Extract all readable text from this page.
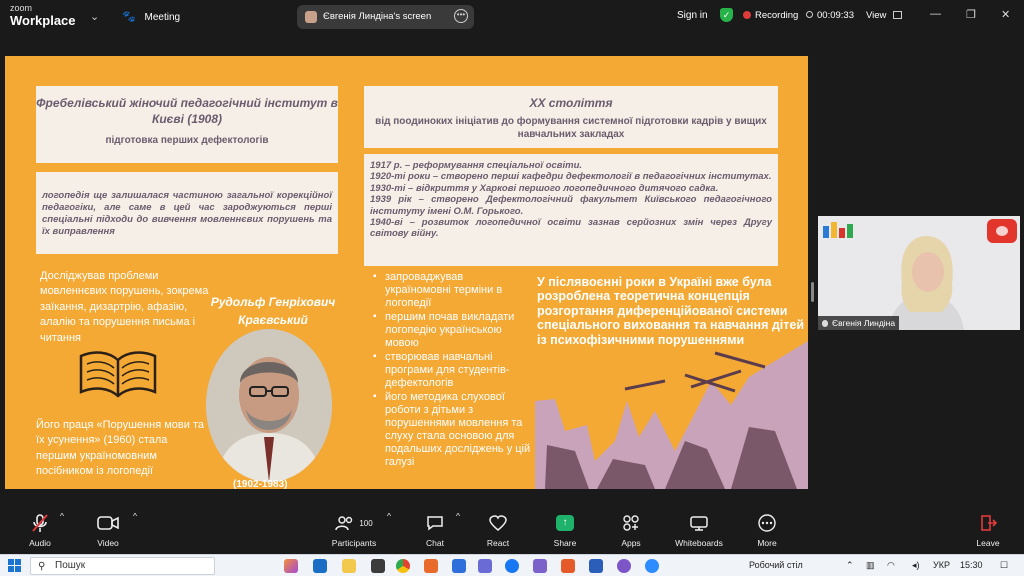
zoom
Workplace ⌄ 🐾 Meeting	Євгенія Линдіна's screen	•••	Sign in	✓	Recording	00:09:33 View	— ❐ ✕
Фребелівський жіночий педагогічний інститут в Києві (1908)
підготовка перших дефектологів
XX століття
від поодиноких ініціатив до формування системної підготовки кадрів у вищих навчальних закладах
логопедія ще залишалася частиною загальної корекційної педагогіки, але саме в цей час зароджуються перші спеціальні підходи до вивчення мовленнєвих порушень та їх виправлення
1917 р. – реформування спеціальної освіти.
1920-ті роки – створено перші кафедри дефектології в педагогічних інститутах.
1930-ті – відкриття у Харкові першого логопедичного дитячого садка.
1939 рік – створено Дефектологічний факультет Київського педагогічного інституту імені О.М. Горького.
1940-ві – розвиток логопедичної освіти зазнав серйозних змін через Другу світову війну.
Досліджував проблеми мовленнєвих порушень, зокрема заїкання, дизартрію, афазію, алалію та порушення письма і читання
Його праця «Порушення мови та їх усунення» (1960) стала першим україномовним посібником із логопедії
Рудольф Генріхович Краєвський
(1902-1983)
▪ запроваджував україномовні терміни в логопедії
▪ першим почав викладати логопедію українською мовою
▪ створював навчальні програми для студентів-дефектологів
▪ його методика слухової роботи з дітьми з порушеннями мовлення та слуху стала основою для подальших досліджень у цій галузі
У післявоєнні роки в Україні вже була розроблена теоретична концепція розгортання диференційованої системи спеціального виховання та навчання дітей із психофізичними порушеннями
Євгенія Линдіна
Audio
^
Video
^
100
Participants
^
Chat
^
React
↑
Share	Apps	Whiteboards	More	Leave
⚲ Пошук	Робочий стіл	⌃ ▥ ◠ ◂) УКР 15:30 ☐
